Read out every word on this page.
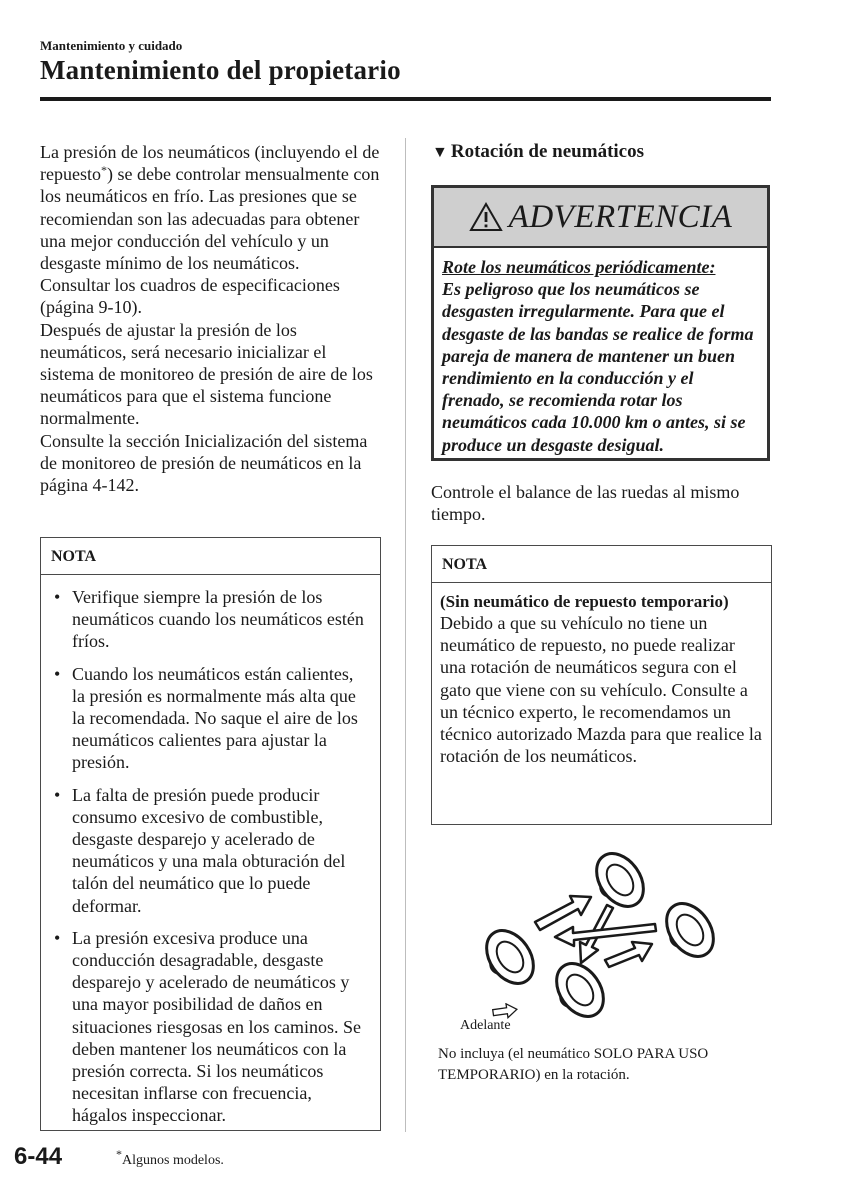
Mantenimiento y cuidado
Mantenimiento del propietario

La presión de los neumáticos (incluyendo el de repuesto*) se debe controlar mensualmente con los neumáticos en frío. Las presiones que se recomiendan son las adecuadas para obtener una mejor conducción del vehículo y un desgaste mínimo de los neumáticos.

Consultar los cuadros de especificaciones (página 9-10).

Después de ajustar la presión de los neumáticos, será necesario inicializar el sistema de monitoreo de presión de aire de los neumáticos para que el sistema funcione normalmente.

Consulte la sección Inicialización del sistema de monitoreo de presión de neumáticos en la página 4-142.

NOTA
• Verifique siempre la presión de los neumáticos cuando los neumáticos estén fríos.
• Cuando los neumáticos están calientes, la presión es normalmente más alta que la recomendada. No saque el aire de los neumáticos calientes para ajustar la presión.
• La falta de presión puede producir consumo excesivo de combustible, desgaste desparejo y acelerado de neumáticos y una mala obturación del talón del neumático que lo puede deformar.
• La presión excesiva produce una conducción desagradable, desgaste desparejo y acelerado de neumáticos y una mayor posibilidad de daños en situaciones riesgosas en los caminos. Se deben mantener los neumáticos con la presión correcta. Si los neumáticos necesitan inflarse con frecuencia, hágalos inspeccionar.
▼ Rotación de neumáticos
ADVERTENCIA
Rote los neumáticos periódicamente:
Es peligroso que los neumáticos se desgasten irregularmente. Para que el desgaste de las bandas se realice de forma pareja de manera de mantener un buen rendimiento en la conducción y el frenado, se recomienda rotar los neumáticos cada 10.000 km o antes, si se produce un desgaste desigual.
Controle el balance de las ruedas al mismo tiempo.
NOTA
(Sin neumático de repuesto temporario)
Debido a que su vehículo no tiene un neumático de repuesto, no puede realizar una rotación de neumáticos segura con el gato que viene con su vehículo. Consulte a un técnico experto, le recomendamos un técnico autorizado Mazda para que realice la rotación de los neumáticos.
Adelante
No incluya (el neumático SOLO PARA USO TEMPORARIO) en la rotación.
6-44	*Algunos modelos.
